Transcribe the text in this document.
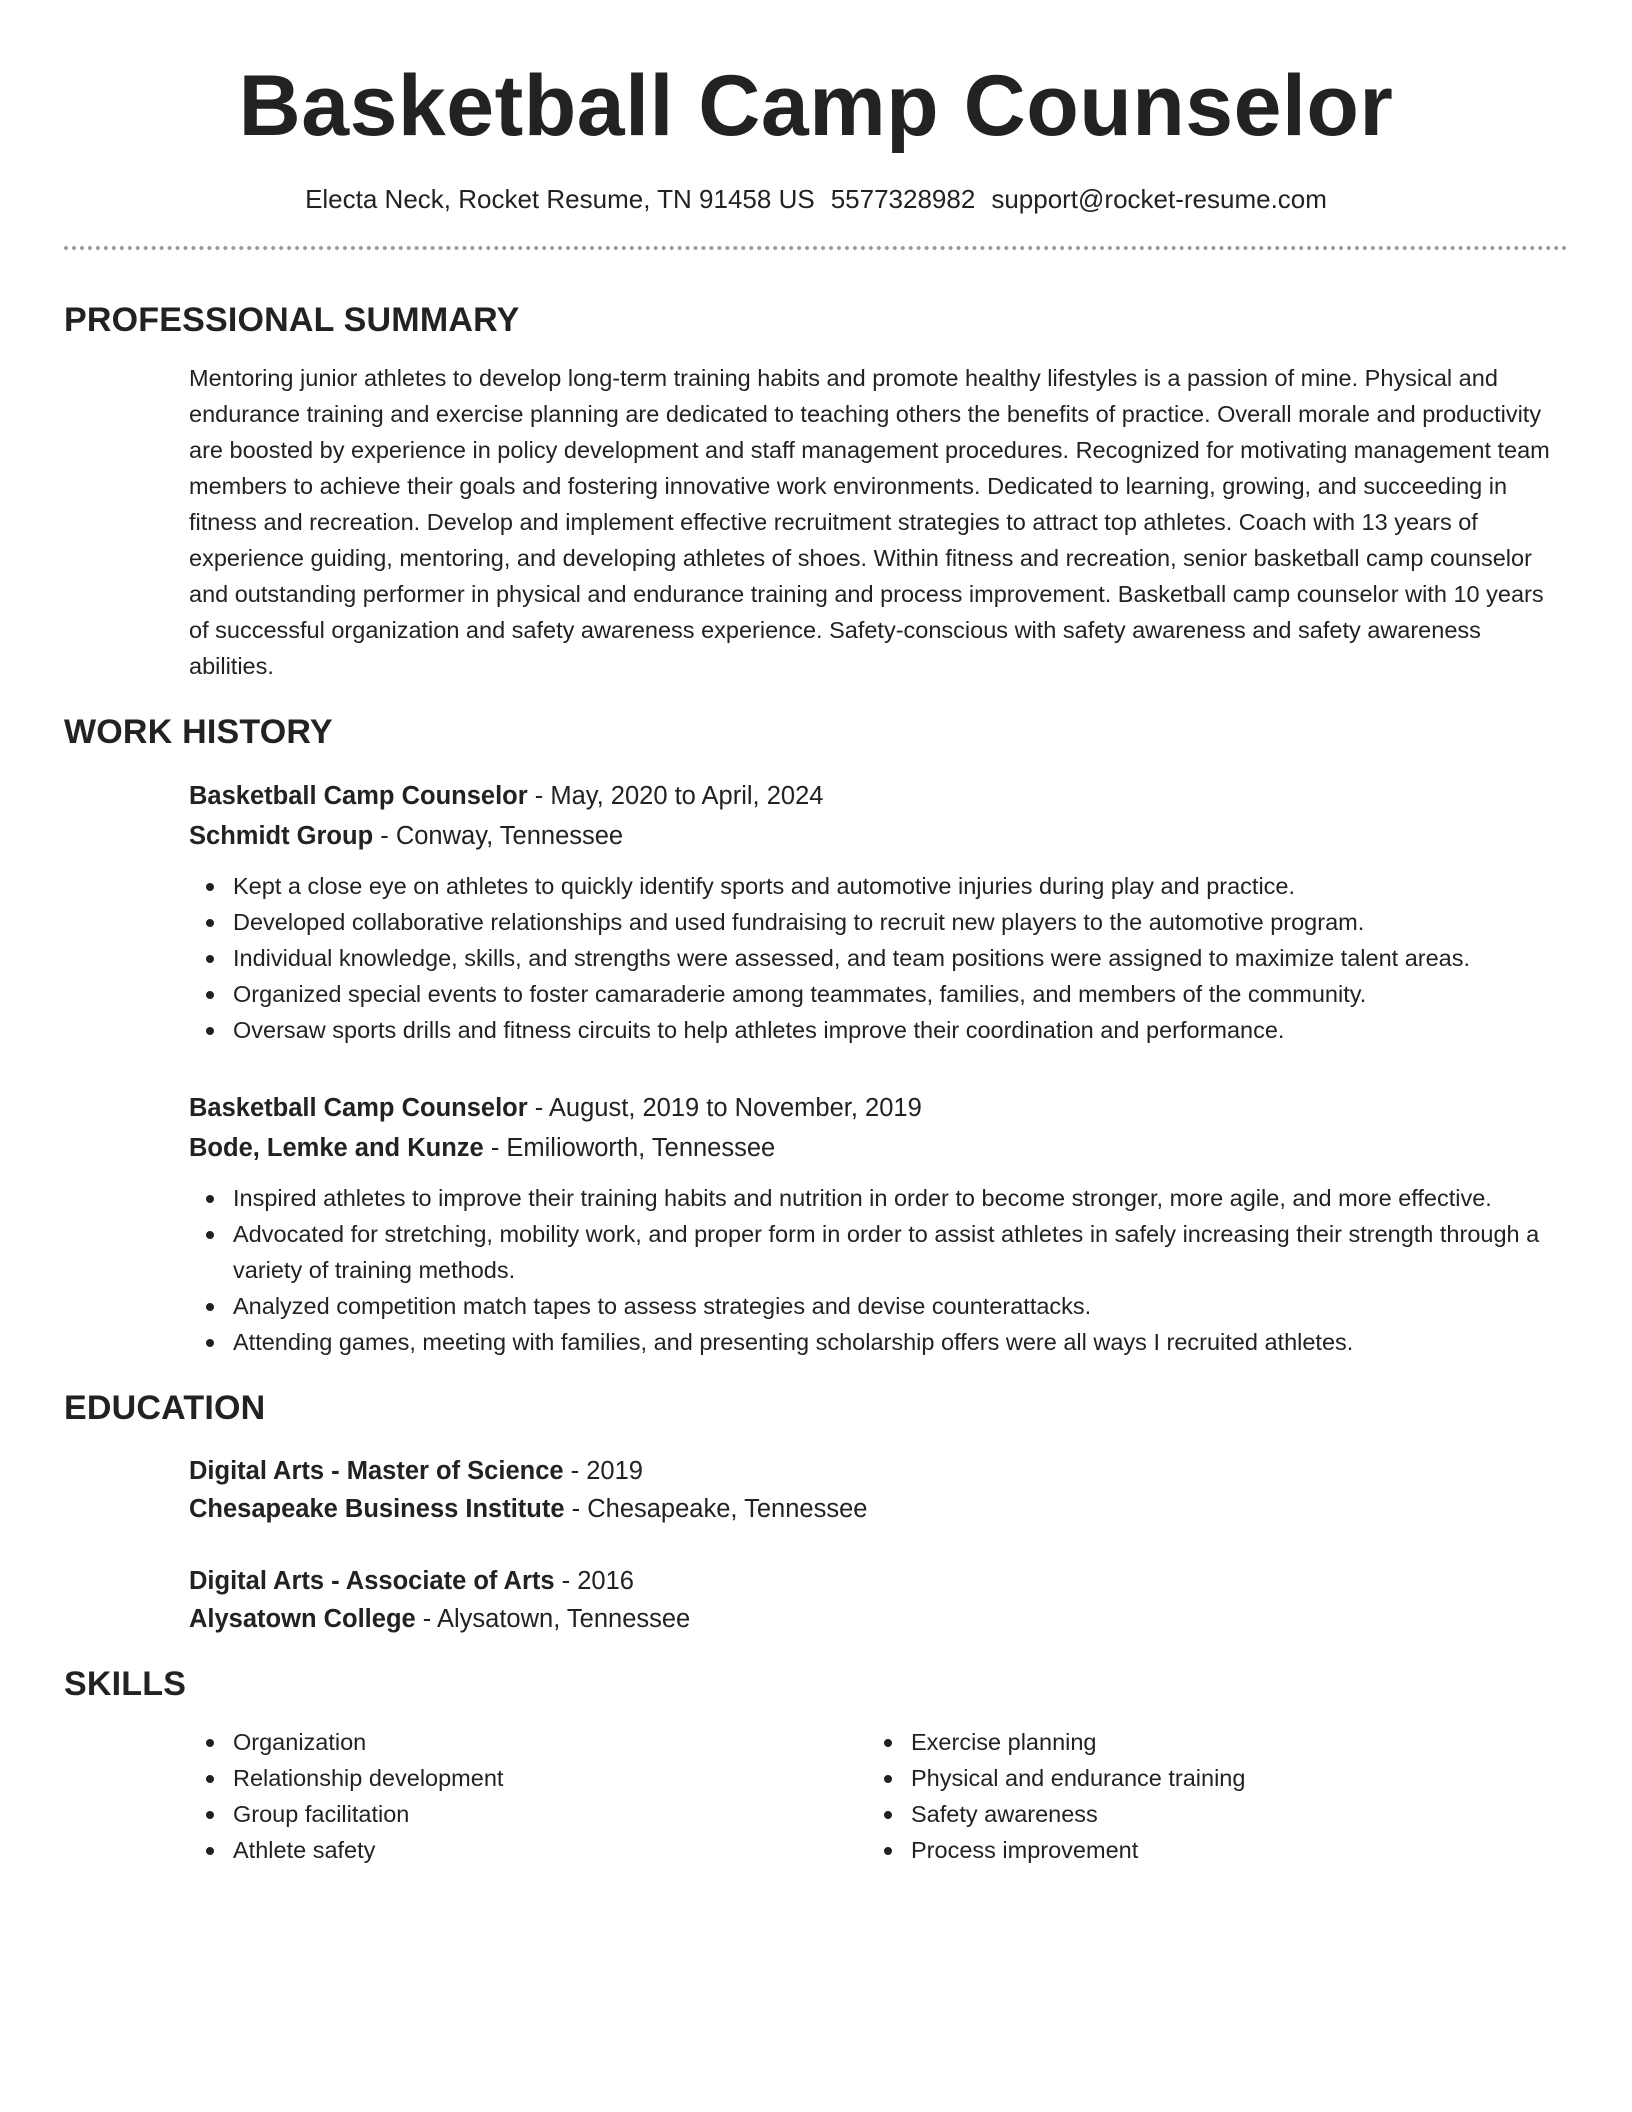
Basketball Camp Counselor
Electa Neck, Rocket Resume, TN 91458 US 5577328982 support@rocket-resume.com
PROFESSIONAL SUMMARY
Mentoring junior athletes to develop long-term training habits and promote healthy lifestyles is a passion of mine. Physical and endurance training and exercise planning are dedicated to teaching others the benefits of practice. Overall morale and productivity are boosted by experience in policy development and staff management procedures. Recognized for motivating management team members to achieve their goals and fostering innovative work environments. Dedicated to learning, growing, and succeeding in fitness and recreation. Develop and implement effective recruitment strategies to attract top athletes. Coach with 13 years of experience guiding, mentoring, and developing athletes of shoes. Within fitness and recreation, senior basketball camp counselor and outstanding performer in physical and endurance training and process improvement. Basketball camp counselor with 10 years of successful organization and safety awareness experience. Safety-conscious with safety awareness and safety awareness abilities.
WORK HISTORY
Basketball Camp Counselor - May, 2020 to April, 2024
Schmidt Group - Conway, Tennessee
Kept a close eye on athletes to quickly identify sports and automotive injuries during play and practice.
Developed collaborative relationships and used fundraising to recruit new players to the automotive program.
Individual knowledge, skills, and strengths were assessed, and team positions were assigned to maximize talent areas.
Organized special events to foster camaraderie among teammates, families, and members of the community.
Oversaw sports drills and fitness circuits to help athletes improve their coordination and performance.
Basketball Camp Counselor - August, 2019 to November, 2019
Bode, Lemke and Kunze - Emilioworth, Tennessee
Inspired athletes to improve their training habits and nutrition in order to become stronger, more agile, and more effective.
Advocated for stretching, mobility work, and proper form in order to assist athletes in safely increasing their strength through a variety of training methods.
Analyzed competition match tapes to assess strategies and devise counterattacks.
Attending games, meeting with families, and presenting scholarship offers were all ways I recruited athletes.
EDUCATION
Digital Arts - Master of Science - 2019
Chesapeake Business Institute - Chesapeake, Tennessee
Digital Arts - Associate of Arts - 2016
Alysatown College - Alysatown, Tennessee
SKILLS
Organization
Relationship development
Group facilitation
Athlete safety
Exercise planning
Physical and endurance training
Safety awareness
Process improvement
